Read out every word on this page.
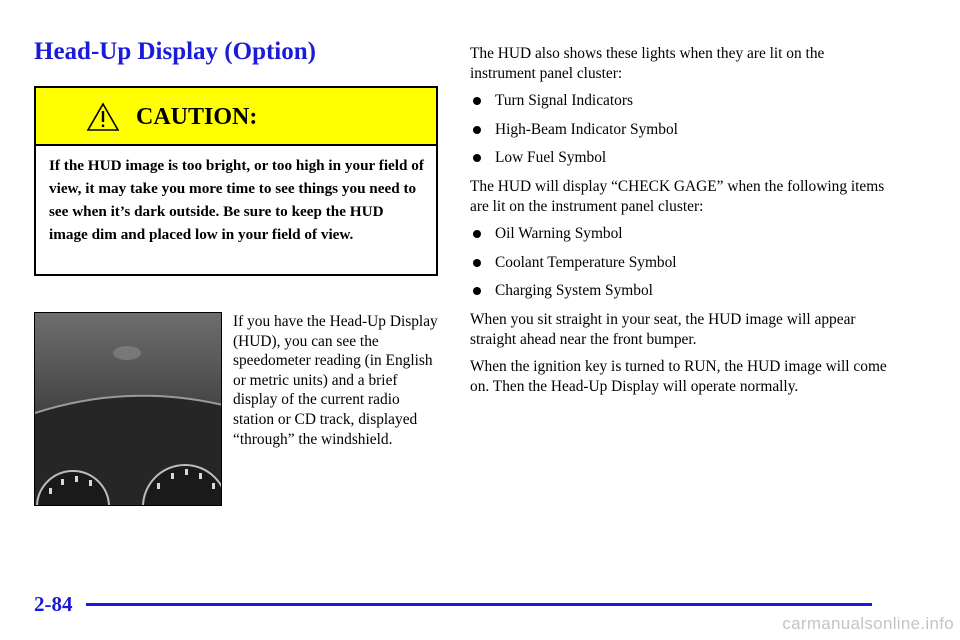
Head-Up Display (Option)
CAUTION:
If the HUD image is too bright, or too high in your field of view, it may take you more time to see things you need to see when it’s dark outside. Be sure to keep the HUD image dim and placed low in your field of view.
If you have the Head-Up Display (HUD), you can see the speedometer reading (in English or metric units) and a brief display of the current radio station or CD track, displayed “through” the windshield.

The HUD also shows these lights when they are lit on the instrument panel cluster:

Turn Signal Indicators
High-Beam Indicator Symbol
Low Fuel Symbol

The HUD will display “CHECK GAGE” when the following items are lit on the instrument panel cluster:

Oil Warning Symbol
Coolant Temperature Symbol
Charging System Symbol

When you sit straight in your seat, the HUD image will appear straight ahead near the front bumper.

When the ignition key is turned to RUN, the HUD image will come on. Then the Head-Up Display will operate normally.

2-84
carmanualsonline.info
